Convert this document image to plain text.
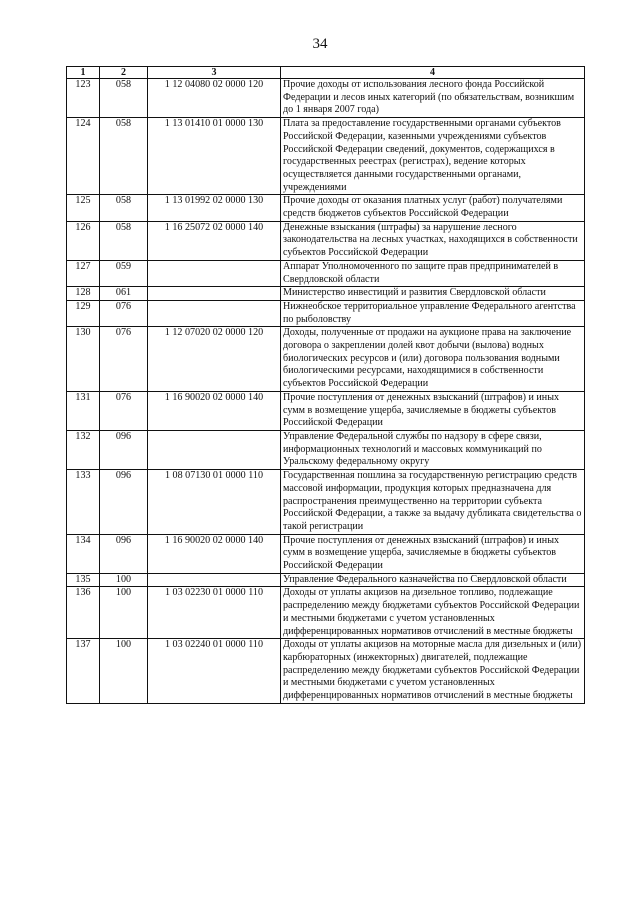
34
1	2	3	4
123	058	1 12 04080 02 0000 120	Прочие доходы от использования лесного фонда Российской Федерации и лесов иных категорий (по обязательствам, возникшим до 1 января 2007 года)
124	058	1 13 01410 01 0000 130	Плата за предоставление государственными органами субъектов Российской Федерации, казенными учреждениями субъектов Российской Федерации сведений, документов, содержащихся в государственных реестрах (регистрах), ведение которых осуществляется данными государственными органами, учреждениями
125	058	1 13 01992 02 0000 130	Прочие доходы от оказания платных услуг (работ) получателями средств бюджетов субъектов Российской Федерации
126	058	1 16 25072 02 0000 140	Денежные взыскания (штрафы) за нарушение лесного законодательства на лесных участках, находящихся в собственности субъектов Российской Федерации
127	059		Аппарат Уполномоченного по защите прав предпринимателей в Свердловской области
128	061		Министерство инвестиций и развития Свердловской области
129	076		Нижнеобское территориальное управление Федерального агентства по рыболовству
130	076	1 12 07020 02 0000 120	Доходы, полученные от продажи на аукционе права на заключение договора о закреплении долей квот добычи (вылова) водных биологических ресурсов и (или) договора пользования водными биологическими ресурсами, находящимися в собственности субъектов Российской Федерации
131	076	1 16 90020 02 0000 140	Прочие поступления от денежных взысканий (штрафов) и иных сумм в возмещение ущерба, зачисляемые в бюджеты субъектов Российской Федерации
132	096		Управление Федеральной службы по надзору в сфере связи, информационных технологий и массовых коммуникаций по Уральскому федеральному округу
133	096	1 08 07130 01 0000 110	Государственная пошлина за государственную регистрацию средств массовой информации, продукция которых предназначена для распространения преимущественно на территории субъекта Российской Федерации, а также за выдачу дубликата свидетельства о такой регистрации
134	096	1 16 90020 02 0000 140	Прочие поступления от денежных взысканий (штрафов) и иных сумм в возмещение ущерба, зачисляемые в бюджеты субъектов Российской Федерации
135	100		Управление Федерального казначейства по Свердловской области
136	100	1 03 02230 01 0000 110	Доходы от уплаты акцизов на дизельное топливо, подлежащие распределению между бюджетами субъектов Российской Федерации и местными бюджетами с учетом установленных дифференцированных нормативов отчислений в местные бюджеты
137	100	1 03 02240 01 0000 110	Доходы от уплаты акцизов на моторные масла для дизельных и (или) карбюраторных (инжекторных) двигателей, подлежащие распределению между бюджетами субъектов Российской Федерации и местными бюджетами с учетом установленных дифференцированных нормативов отчислений в местные бюджеты
